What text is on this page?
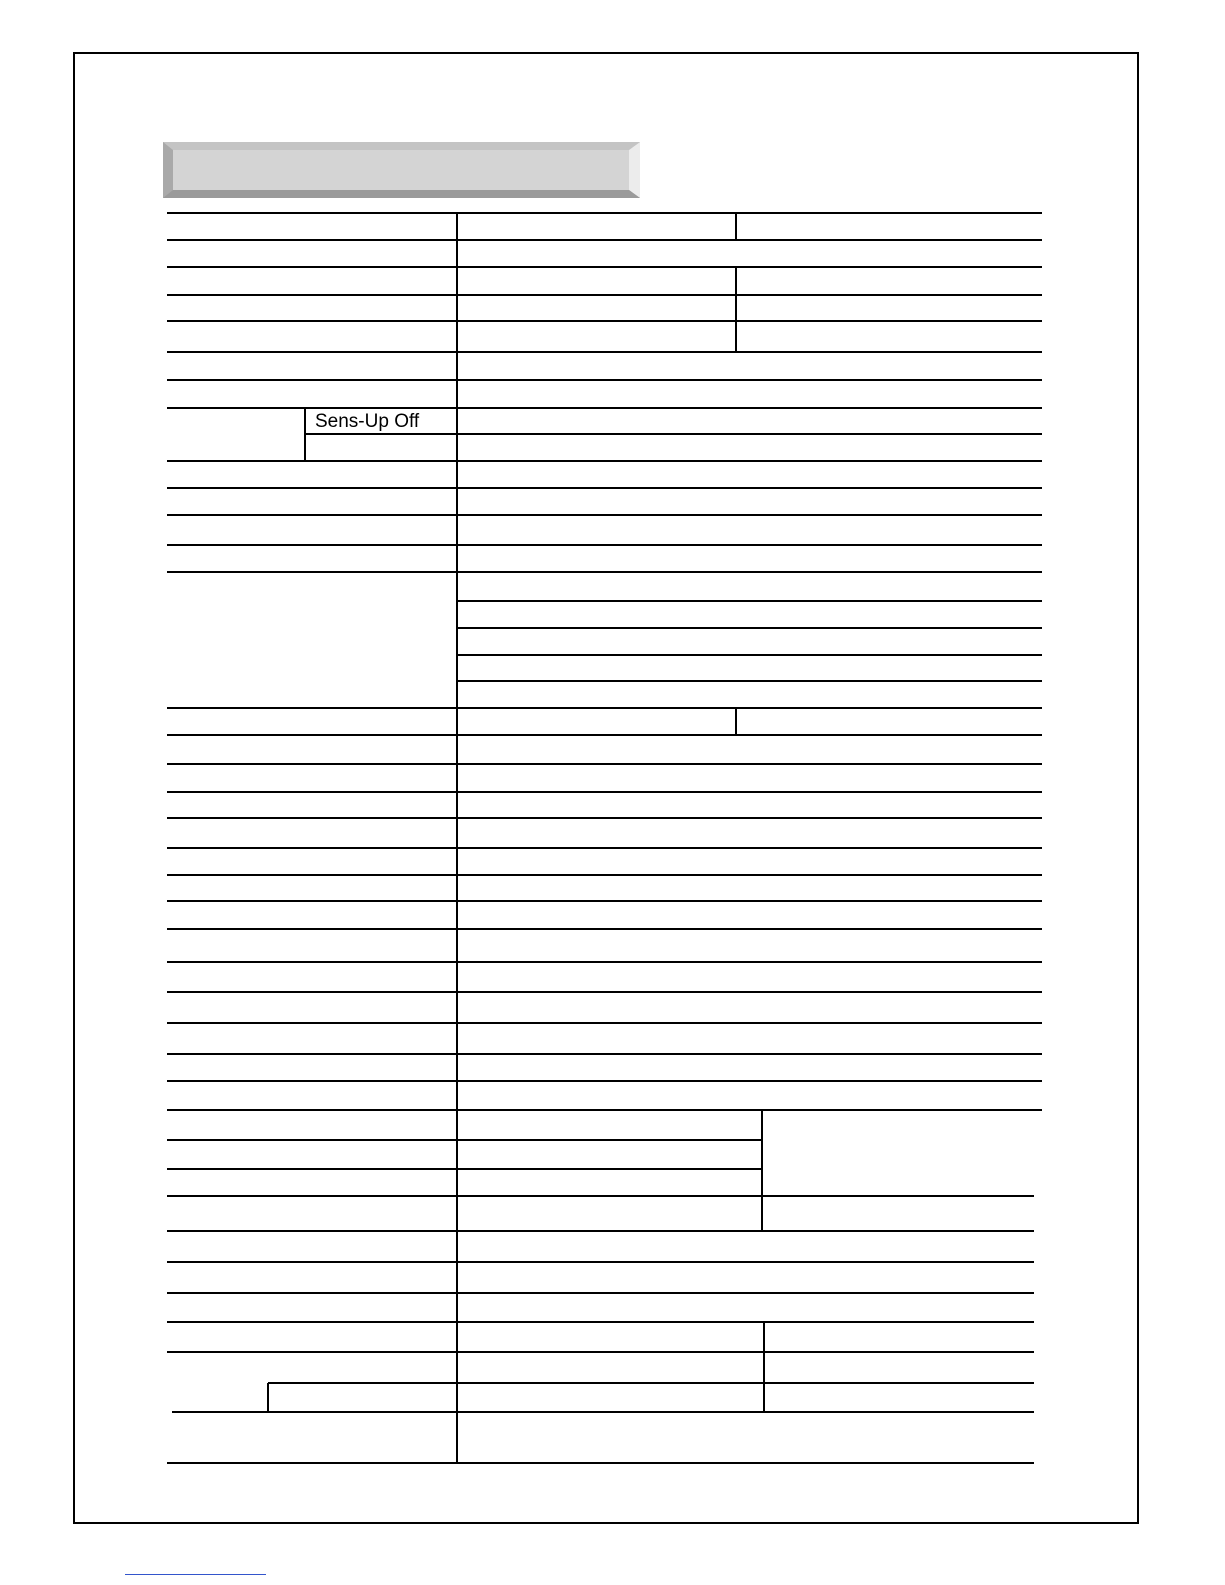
Sens-Up Off
